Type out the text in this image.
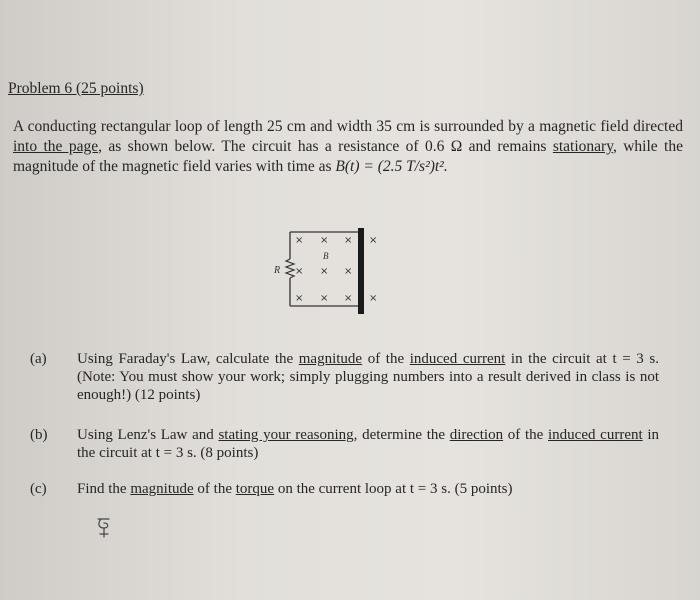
Problem 6 (25 points)
A conducting rectangular loop of length 25 cm and width 35 cm is surrounded by a magnetic field directed into the page, as shown below. The circuit has a resistance of 0.6 Ω and remains stationary, while the magnitude of the magnetic field varies with time as B(t) = (2.5 T/s²)t².
R
B
× × × ×
× × ×
× × × ×
(a) Using Faraday's Law, calculate the magnitude of the induced current in the circuit at t = 3 s. (Note: You must show your work; simply plugging numbers into a result derived in class is not enough!) (12 points)
(b) Using Lenz's Law and stating your reasoning, determine the direction of the induced current in the circuit at t = 3 s. (8 points)
(c) Find the magnitude of the torque on the current loop at t = 3 s. (5 points)
